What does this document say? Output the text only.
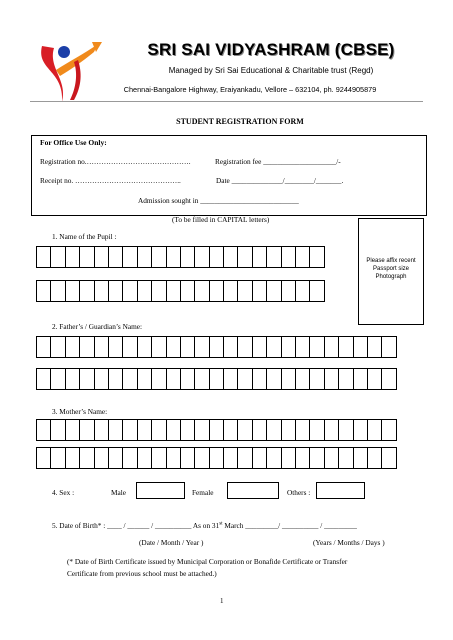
SRI SAI VIDYASHRAM (CBSE)
Managed by Sri Sai Educational & Charitable trust (Regd)
Chennai-Bangalore Highway, Eraiyankadu, Vellore – 632104, ph. 9244905879
STUDENT REGISTRATION FORM
For Office Use Only:
Registration no.…………………………………….	Registration fee ____________________/-
Receipt no. ……………………………………..	Date ______________/________/_______.
Admission sought in ___________________________
(To be filled in CAPITAL letters)
Please affix recent Passport size Photograph
1. Name of the Pupil :
2. Father’s / Guardian’s Name:
3. Mother’s Name:
4. Sex :	Male	Female	Others :
5. Date of Birth* : ____ / ______ / __________ As on 31st March _________/ __________ / _________
(Date / Month / Year )	(Years / Months / Days )
(* Date of Birth Certificate issued by Municipal Corporation or Bonafide Certificate or Transfer
Certificate from previous school must be attached.)
1
